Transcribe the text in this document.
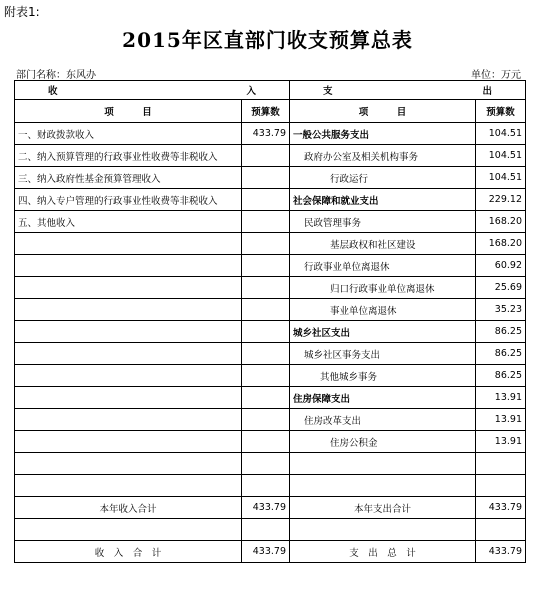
附表1:
2015年区直部门收支预算总表
部门名称：东风办	单位：万元
收 入		支 出	

项　　　目	预算数	项　　　目	预算数
一、财政拨款收入	433.79	一般公共服务支出	104.51
二、纳入预算管理的行政事业性收费等非税收入		政府办公室及相关机构事务	104.51
三、纳入政府性基金预算管理收入		行政运行	104.51
四、纳入专户管理的行政事业性收费等非税收入		社会保障和就业支出	229.12
五、其他收入		民政管理事务	168.20
		基层政权和社区建设	168.20
		行政事业单位离退休	60.92
		归口行政事业单位离退休	25.69
		事业单位离退休	35.23
		城乡社区支出	86.25
		城乡社区事务支出	86.25
		其他城乡事务	86.25
		住房保障支出	13.91
		住房改革支出	13.91
		住房公积金	13.91

本年收入合计	433.79	本年支出合计	433.79

收　入　合　计	433.79	支　出　总　计	433.79
